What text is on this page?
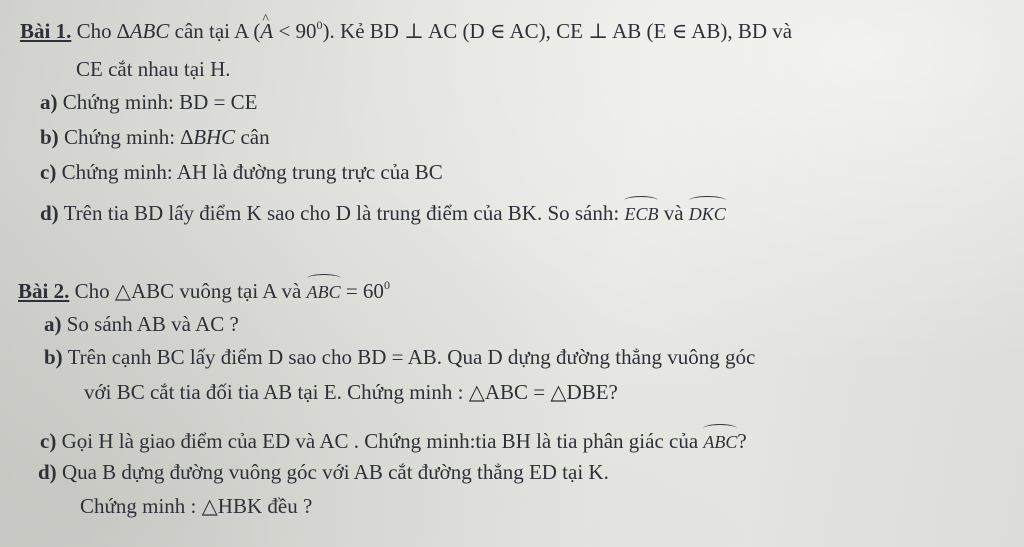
Bài 1. Cho ∆ABC cân tại A (^ $A < 90^0$). Kẻ BD ⊥ AC (D ∈ AC), CE ⊥ AB (E ∈ AB), BD và
CE cắt nhau tại H.
a) Chứng minh: BD = CE
b) Chứng minh: ∆BHC cân
c) Chứng minh: AH là đường trung trực của BC
d) Trên tia BD lấy điểm K sao cho D là trung điểm của BK. So sánh: ECB và DKC
Bài 2. Cho △ABC vuông tại A và ABC = $60^0$
a) So sánh AB và AC ?
b) Trên cạnh BC lấy điểm D sao cho BD = AB. Qua D dựng đường thẳng vuông góc
với BC cắt tia đối tia AB tại E. Chứng minh : △ABC = △DBE?
c) Gọi H là giao điểm của ED và AC . Chứng minh:tia BH là tia phân giác của ABC?
d) Qua B dựng đường vuông góc với AB cắt đường thẳng ED tại K.
Chứng minh : △HBK đều ?
